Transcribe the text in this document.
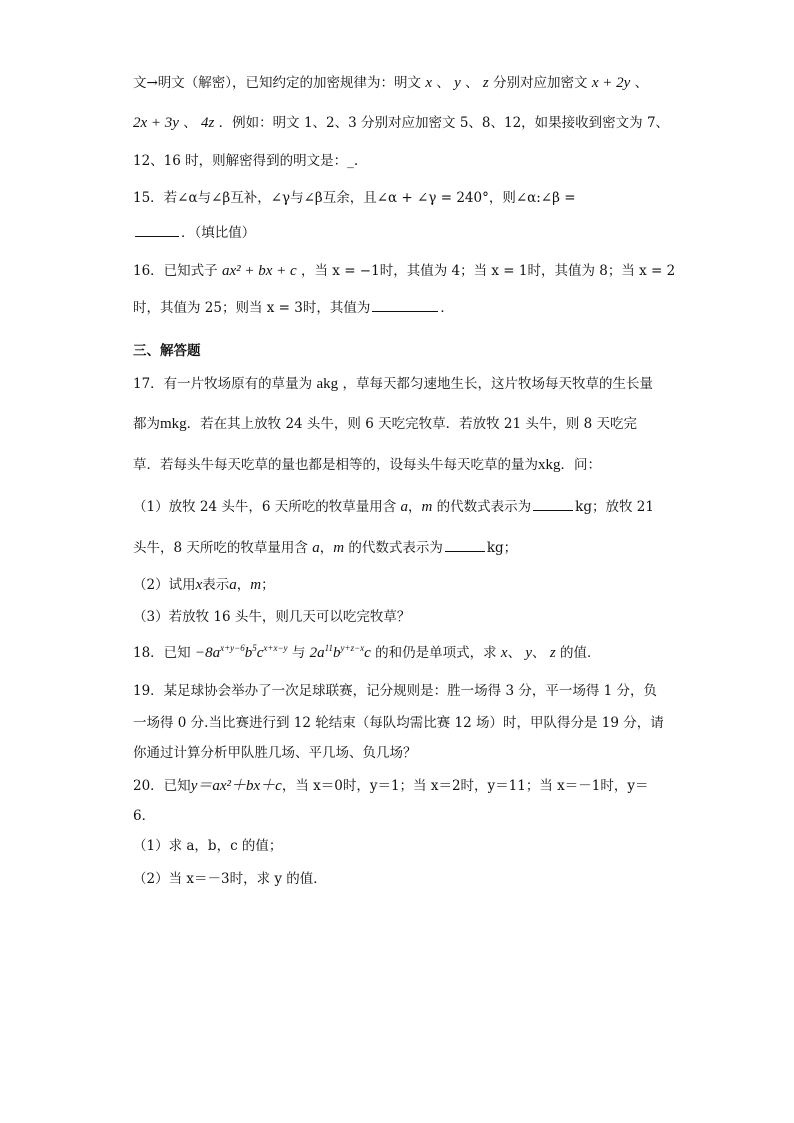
文→明文（解密），已知约定的加密规律为：明文 x 、 y 、 z 分别对应加密文 x + 2y 、
2x + 3y 、 4z ．例如：明文 1、2、3 分别对应加密文 5、8、12，如果接收到密文为 7、
12、16 时，则解密得到的明文是：_.
15．若∠α与∠β互补，∠γ与∠β互余，且∠α + ∠γ = 240°，则∠α:∠β =
．（填比值）
16．已知式子 ax² + bx + c ，当 x = −1时，其值为 4；当 x = 1时，其值为 8；当 x = 2
时，其值为 25；则当 x = 3时，其值为	．
三、解答题
17．有一片牧场原有的草量为 akg ，草每天都匀速地生长，这片牧场每天牧草的生长量
都为mkg．若在其上放牧 24 头牛，则 6 天吃完牧草．若放牧 21 头牛，则 8 天吃完
草．若每头牛每天吃草的量也都是相等的，设每头牛每天吃草的量为xkg．问：
（1）放牧 24 头牛，6 天所吃的牧草量用含 a，m 的代数式表示为	kg；放牧 21
头牛，8 天所吃的牧草量用含 a，m 的代数式表示为	kg；
（2）试用x表示a，m；
（3）若放牧 16 头牛，则几天可以吃完牧草？
18．已知 $-8a^{x+y-6}b^5c^{x+x-y}$ 与 $2a^{11}b^{y+z-x}c$ 的和仍是单项式，求 x、 y、 z 的值．
19．某足球协会举办了一次足球联赛，记分规则是：胜一场得 3 分，平一场得 1 分，负
一场得 0 分.当比赛进行到 12 轮结束（每队均需比赛 12 场）时，甲队得分是 19 分，请
你通过计算分析甲队胜几场、平几场、负几场？
20．已知y＝ax²＋bx＋c，当 x＝0时，y＝1；当 x＝2时，y＝11；当 x＝－1时，y＝
6．
（1）求 a，b，c 的值；
（2）当 x＝－3时，求 y 的值．
